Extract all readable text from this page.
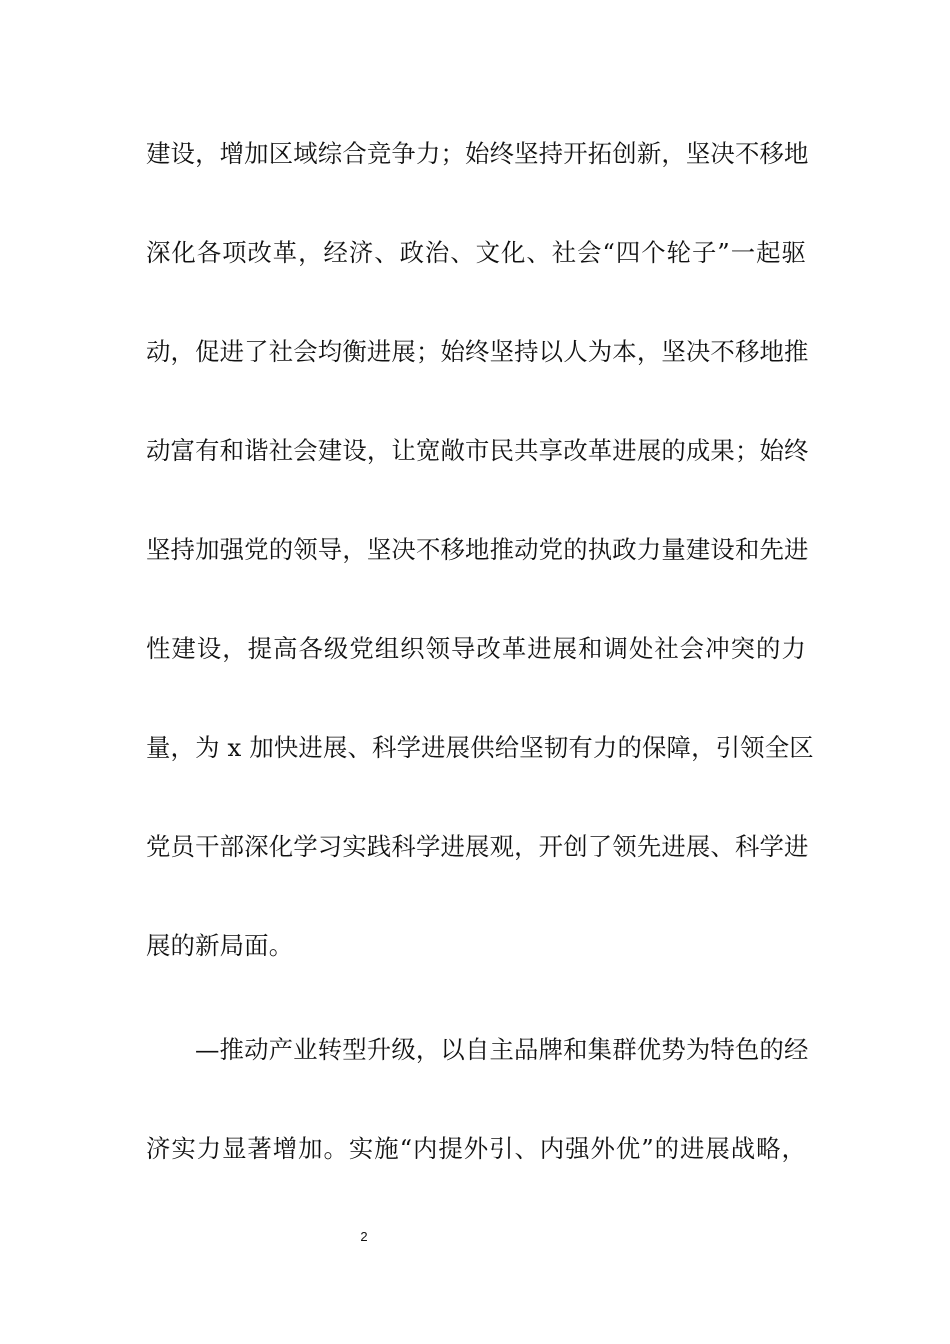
建设，增加区域综合竞争力；始终坚持开拓创新，坚决不移地
深化各项改革，经济、政治、文化、社会“四个轮子”一起驱
动，促进了社会均衡进展；始终坚持以人为本，坚决不移地推
动富有和谐社会建设，让宽敞市民共享改革进展的成果；始终
坚持加强党的领导，坚决不移地推动党的执政力量建设和先进
性建设，提高各级党组织领导改革进展和调处社会冲突的力
量，为 x 加快进展、科学进展供给坚韧有力的保障，引领全区
党员干部深化学习实践科学进展观，开创了领先进展、科学进
展的新局面。
—推动产业转型升级，以自主品牌和集群优势为特色的经
济实力显著增加。实施“内提外引、内强外优”的进展战略，
2
